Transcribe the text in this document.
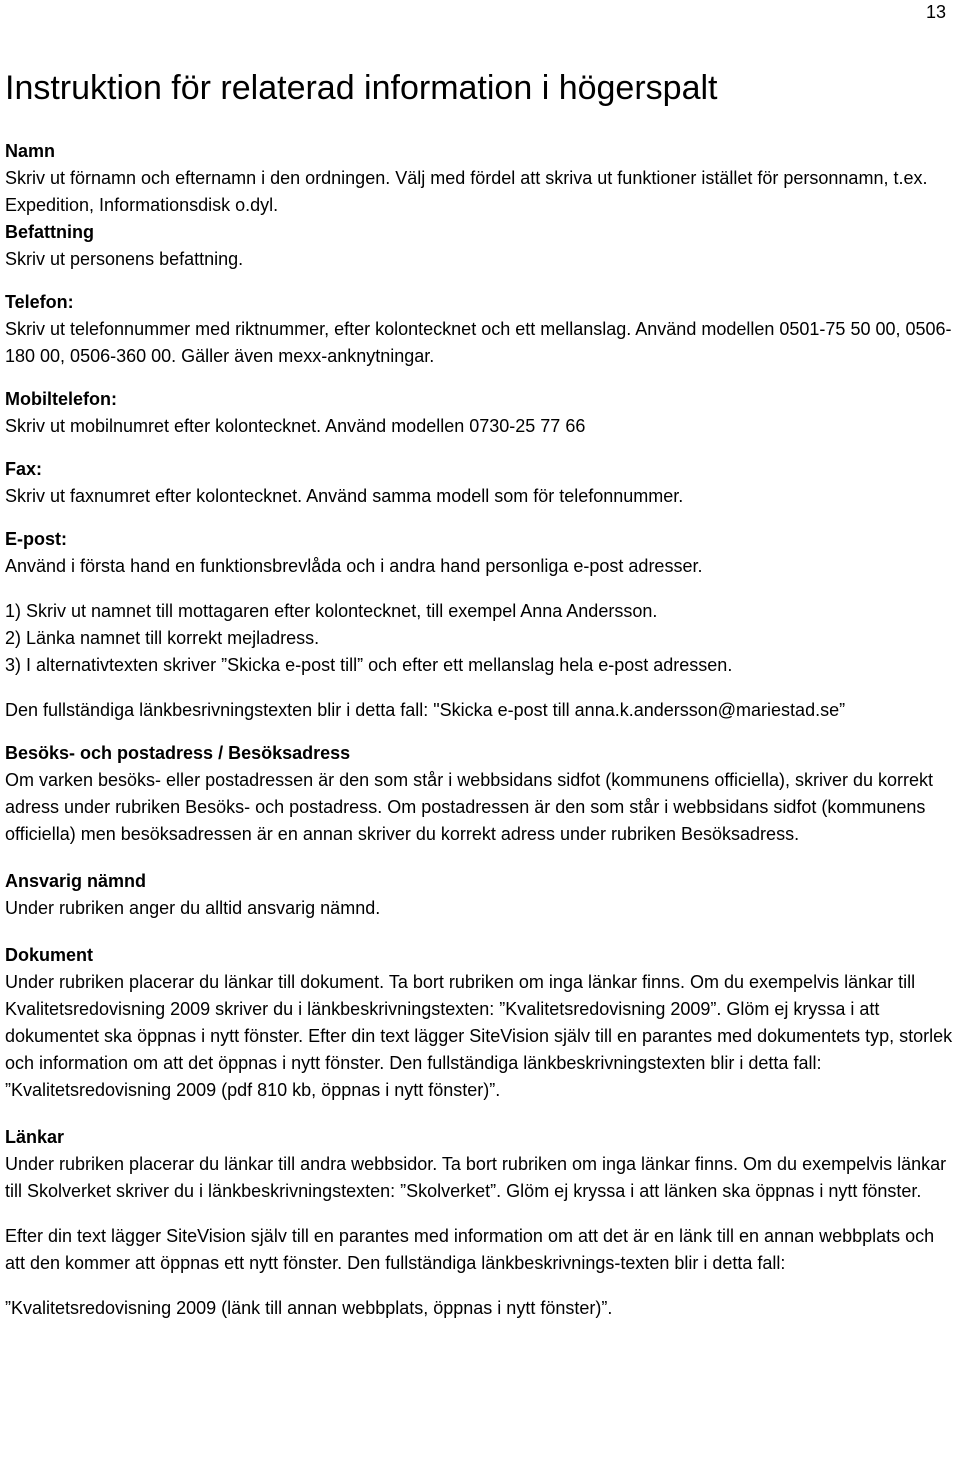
13
Instruktion för relaterad information i högerspalt

Namn

Skriv ut förnamn och efternamn i den ordningen. Välj med fördel att skriva ut funktioner istället för personnamn, t.ex. Expedition, Informationsdisk o.dyl.

Befattning

Skriv ut personens befattning.

Telefon:

Skriv ut telefonnummer med riktnummer, efter kolontecknet och ett mellanslag. Använd modellen 0501-75 50 00, 0506-180 00, 0506-360 00. Gäller även mexx-anknytningar.

Mobiltelefon:

Skriv ut mobilnumret efter kolontecknet. Använd modellen 0730-25 77 66

Fax:

Skriv ut faxnumret efter kolontecknet. Använd samma modell som för telefonnummer.

E-post:

Använd i första hand en funktionsbrevlåda och i andra hand personliga e-post adresser.

1) Skriv ut namnet till mottagaren efter kolontecknet, till exempel Anna Andersson.

2) Länka namnet till korrekt mejladress.

3) I alternativtexten skriver ”Skicka e-post till” och efter ett mellanslag hela e-post adressen.

Den fullständiga länkbesrivningstexten blir i detta fall: "Skicka e-post till anna.k.andersson@mariestad.se”

Besöks- och postadress / Besöksadress

Om varken besöks- eller postadressen är den som står i webbsidans sidfot (kommunens officiella), skriver du korrekt adress under rubriken Besöks- och postadress. Om postadressen är den som står i webbsidans sidfot (kommunens officiella) men besöksadressen är en annan skriver du korrekt adress under rubriken Besöksadress.

Ansvarig nämnd

Under rubriken anger du alltid ansvarig nämnd.

Dokument

Under rubriken placerar du länkar till dokument. Ta bort rubriken om inga länkar finns. Om du exempelvis länkar till Kvalitetsredovisning 2009 skriver du i länkbeskrivningstexten: ”Kvalitetsredovisning 2009”. Glöm ej kryssa i att dokumentet ska öppnas i nytt fönster. Efter din text lägger SiteVision själv till en parantes med dokumentets typ, storlek och information om att det öppnas i nytt fönster. Den fullständiga länkbeskrivningstexten blir i detta fall: ”Kvalitetsredovisning 2009 (pdf 810 kb, öppnas i nytt fönster)”.

Länkar

Under rubriken placerar du länkar till andra webbsidor. Ta bort rubriken om inga länkar finns. Om du exempelvis länkar till Skolverket skriver du i länkbeskrivningstexten: ”Skolverket”. Glöm ej kryssa i att länken ska öppnas i nytt fönster.

Efter din text lägger SiteVision själv till en parantes med information om att det är en länk till en annan webbplats och att den kommer att öppnas ett nytt fönster. Den fullständiga länkbeskrivnings-texten blir i detta fall:

”Kvalitetsredovisning 2009 (länk till annan webbplats, öppnas i nytt fönster)”.
